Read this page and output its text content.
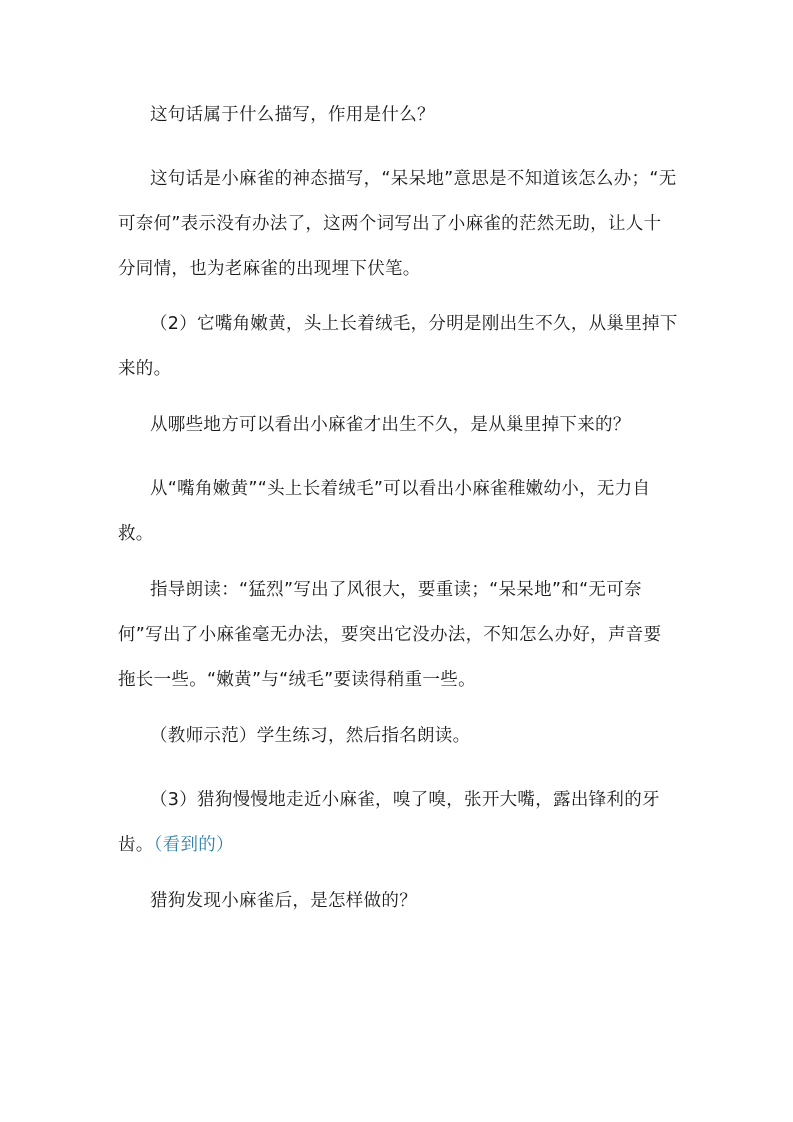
这句话属于什么描写，作用是什么？

这句话是小麻雀的神态描写，“呆呆地”意思是不知道该怎么办；“无可奈何”表示没有办法了，这两个词写出了小麻雀的茫然无助，让人十分同情，也为老麻雀的出现埋下伏笔。

（2）它嘴角嫩黄，头上长着绒毛，分明是刚出生不久，从巢里掉下来的。

从哪些地方可以看出小麻雀才出生不久，是从巢里掉下来的？

从“嘴角嫩黄”“头上长着绒毛”可以看出小麻雀稚嫩幼小，无力自救。

指导朗读：“猛烈”写出了风很大，要重读；“呆呆地”和“无可奈何”写出了小麻雀毫无办法，要突出它没办法，不知怎么办好，声音要拖长一些。“嫩黄”与“绒毛”要读得稍重一些。

（教师示范）学生练习，然后指名朗读。

（3）猎狗慢慢地走近小麻雀，嗅了嗅，张开大嘴，露出锋利的牙齿。（看到的）

猎狗发现小麻雀后，是怎样做的？
